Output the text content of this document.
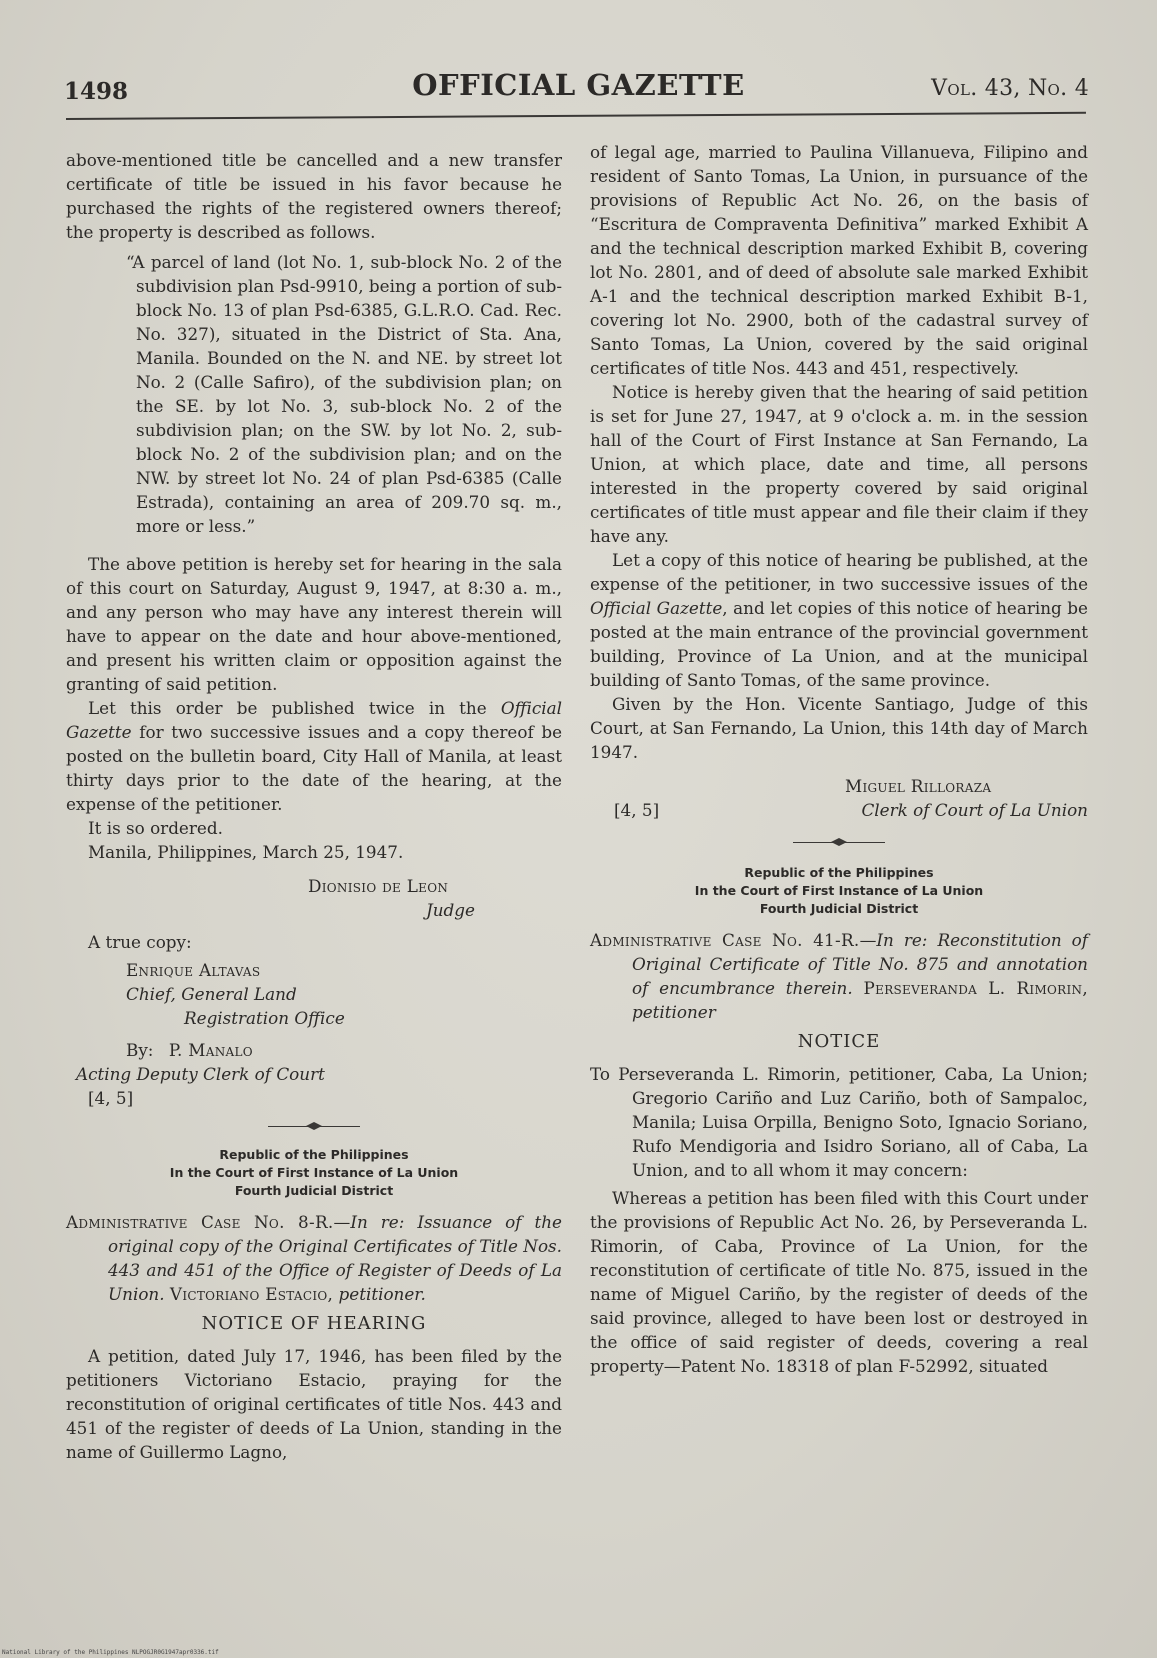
1498	OFFICIAL GAZETTE	Vol. 43, No. 4

above-mentioned title be cancelled and a new transfer certificate of title be issued in his favor because he purchased the rights of the registered owners thereof; the property is described as follows.

“A parcel of land (lot No. 1, sub-block No. 2 of the subdivision plan Psd-9910, being a portion of sub-block No. 13 of plan Psd-6385, G.L.R.O. Cad. Rec. No. 327), situated in the District of Sta. Ana, Manila. Bounded on the N. and NE. by street lot No. 2 (Calle Safiro), of the subdivision plan; on the SE. by lot No. 3, sub-block No. 2 of the subdivision plan; on the SW. by lot No. 2, sub-block No. 2 of the subdivision plan; and on the NW. by street lot No. 24 of plan Psd-6385 (Calle Estrada), containing an area of 209.70 sq. m., more or less.”

The above petition is hereby set for hearing in the sala of this court on Saturday, August 9, 1947, at 8:30 a. m., and any person who may have any interest therein will have to appear on the date and hour above-mentioned, and present his written claim or opposition against the granting of said petition.

Let this order be published twice in the Official Gazette for two successive issues and a copy thereof be posted on the bulletin board, City Hall of Manila, at least thirty days prior to the date of the hearing, at the expense of the petitioner.

It is so ordered.

Manila, Philippines, March 25, 1947.

Dionisio de Leon
Judge
A true copy:
Enrique Altavas
Chief, General Land
Registration Office
By: P. Manalo
Acting Deputy Clerk of Court
[4, 5]
Republic of the Philippines
In the Court of First Instance of La Union
Fourth Judicial District

Administrative Case No. 8-R.—In re: Issuance of the original copy of the Original Certificates of Title Nos. 443 and 451 of the Office of Register of Deeds of La Union. Victoriano Estacio, petitioner.

NOTICE OF HEARING

A petition, dated July 17, 1946, has been filed by the petitioners Victoriano Estacio, praying for the reconstitution of original certificates of title Nos. 443 and 451 of the register of deeds of La Union, standing in the name of Guillermo Lagno,

of legal age, married to Paulina Villanueva, Filipino and resident of Santo Tomas, La Union, in pursuance of the provisions of Republic Act No. 26, on the basis of “Escritura de Compraventa Definitiva” marked Exhibit A and the technical description marked Exhibit B, covering lot No. 2801, and of deed of absolute sale marked Exhibit A-1 and the technical description marked Exhibit B-1, covering lot No. 2900, both of the cadastral survey of Santo Tomas, La Union, covered by the said original certificates of title Nos. 443 and 451, respectively.

Notice is hereby given that the hearing of said petition is set for June 27, 1947, at 9 o'clock a. m. in the session hall of the Court of First Instance at San Fernando, La Union, at which place, date and time, all persons interested in the property covered by said original certificates of title must appear and file their claim if they have any.

Let a copy of this notice of hearing be published, at the expense of the petitioner, in two successive issues of the Official Gazette, and let copies of this notice of hearing be posted at the main entrance of the provincial government building, Province of La Union, and at the municipal building of Santo Tomas, of the same province.

Given by the Hon. Vicente Santiago, Judge of this Court, at San Fernando, La Union, this 14th day of March 1947.

Miguel Rilloraza
[4, 5]	Clerk of Court of La Union
Republic of the Philippines
In the Court of First Instance of La Union
Fourth Judicial District

Administrative Case No. 41-R.—In re: Reconstitution of Original Certificate of Title No. 875 and annotation of encumbrance therein. Perseveranda L. Rimorin, petitioner

NOTICE

To Perseveranda L. Rimorin, petitioner, Caba, La Union; Gregorio Cariño and Luz Cariño, both of Sampaloc, Manila; Luisa Orpilla, Benigno Soto, Ignacio Soriano, Rufo Mendigoria and Isidro Soriano, all of Caba, La Union, and to all whom it may concern:

Whereas a petition has been filed with this Court under the provisions of Republic Act No. 26, by Perseveranda L. Rimorin, of Caba, Province of La Union, for the reconstitution of certificate of title No. 875, issued in the name of Miguel Cariño, by the register of deeds of the said province, alleged to have been lost or destroyed in the office of said register of deeds, covering a real property—Patent No. 18318 of plan F-52992, situated

National Library of the Philippines NLPOGJR0G1947apr0336.tif
